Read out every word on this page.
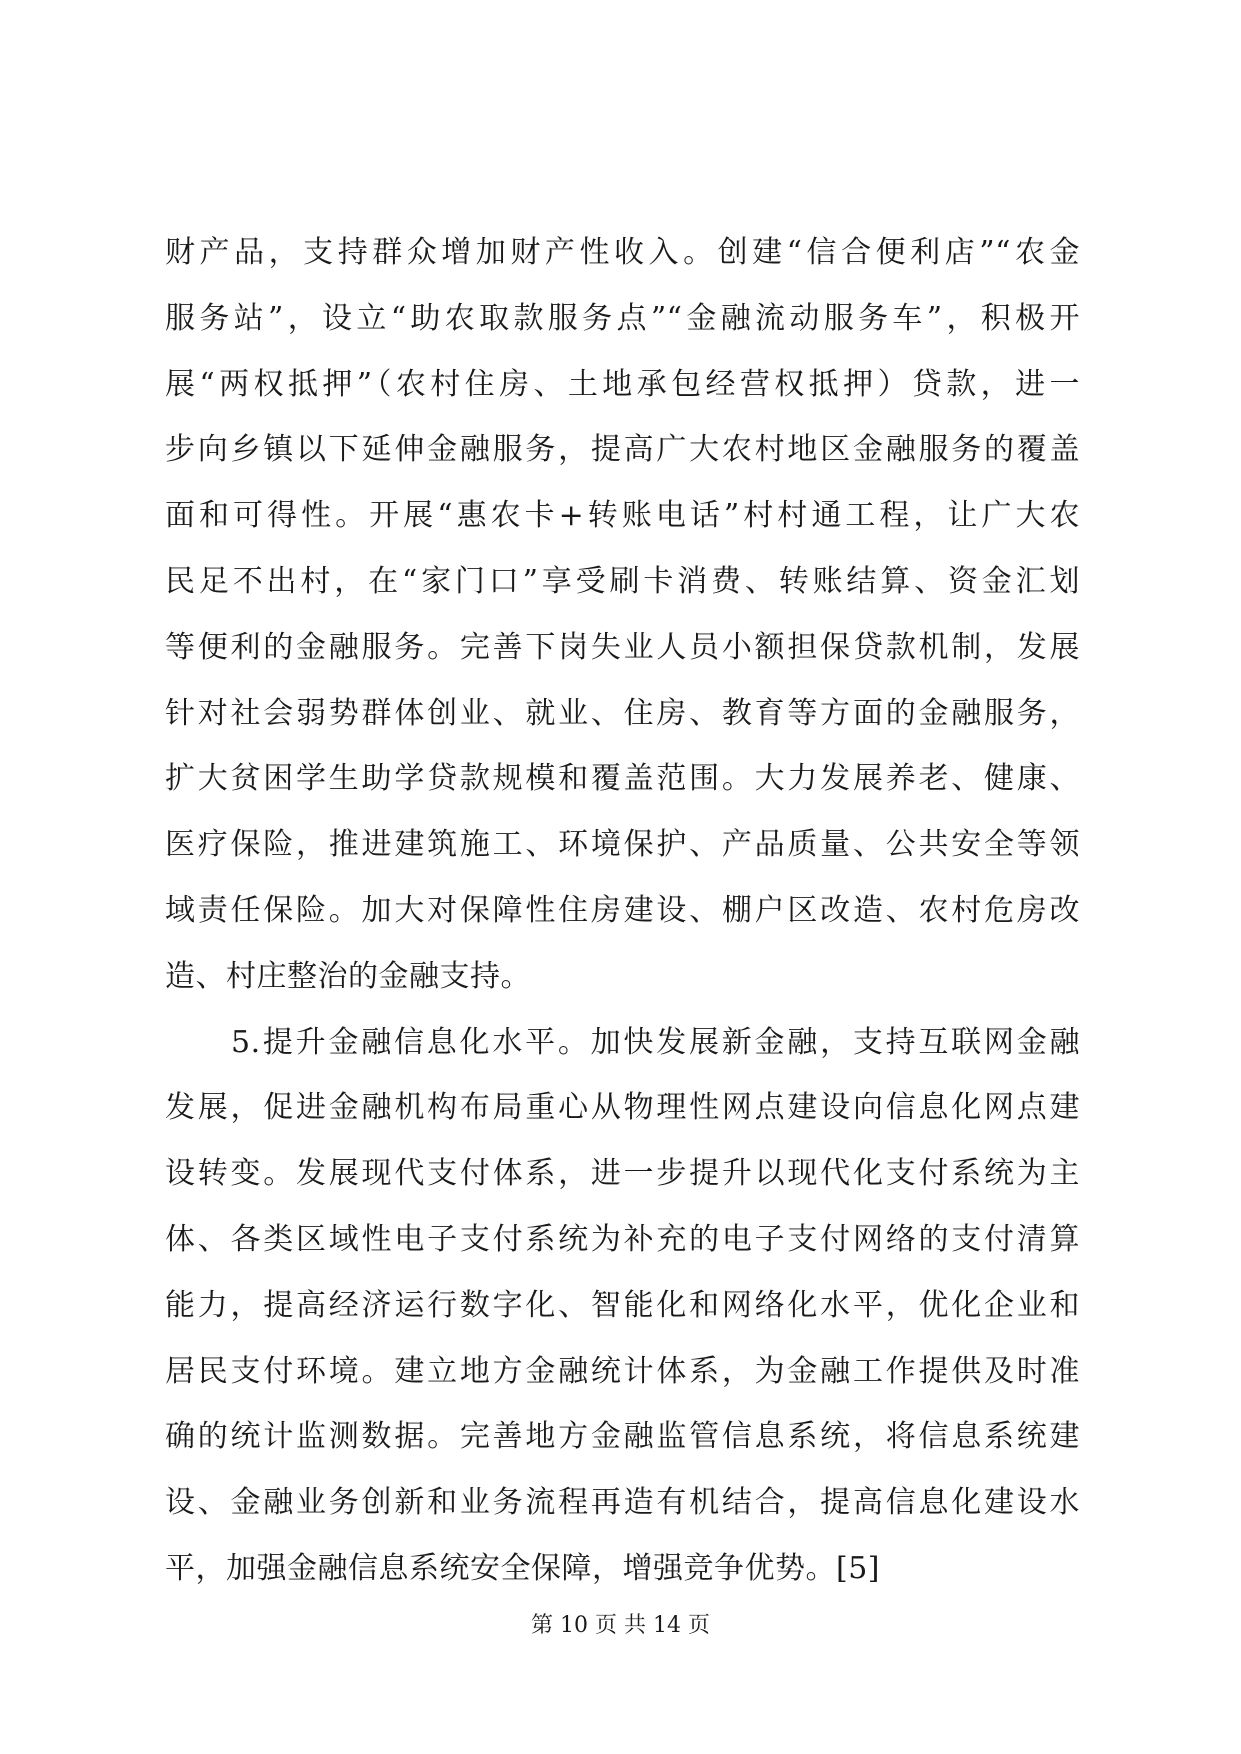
财产品，支持群众增加财产性收入。创建“信合便利店”“农金
服务站”，设立“助农取款服务点”“金融流动服务车”，积极开
展“两权抵押”（农村住房、土地承包经营权抵押）贷款，进一
步向乡镇以下延伸金融服务，提高广大农村地区金融服务的覆盖
面和可得性。开展“惠农卡+转账电话”村村通工程，让广大农
民足不出村，在“家门口”享受刷卡消费、转账结算、资金汇划
等便利的金融服务。完善下岗失业人员小额担保贷款机制，发展
针对社会弱势群体创业、就业、住房、教育等方面的金融服务，
扩大贫困学生助学贷款规模和覆盖范围。大力发展养老、健康、
医疗保险，推进建筑施工、环境保护、产品质量、公共安全等领
域责任保险。加大对保障性住房建设、棚户区改造、农村危房改
造、村庄整治的金融支持。
5.提升金融信息化水平。加快发展新金融，支持互联网金融
发展，促进金融机构布局重心从物理性网点建设向信息化网点建
设转变。发展现代支付体系，进一步提升以现代化支付系统为主
体、各类区域性电子支付系统为补充的电子支付网络的支付清算
能力，提高经济运行数字化、智能化和网络化水平，优化企业和
居民支付环境。建立地方金融统计体系，为金融工作提供及时准
确的统计监测数据。完善地方金融监管信息系统，将信息系统建
设、金融业务创新和业务流程再造有机结合，提高信息化建设水
平，加强金融信息系统安全保障，增强竞争优势。[5]
第 10 页 共 14 页
